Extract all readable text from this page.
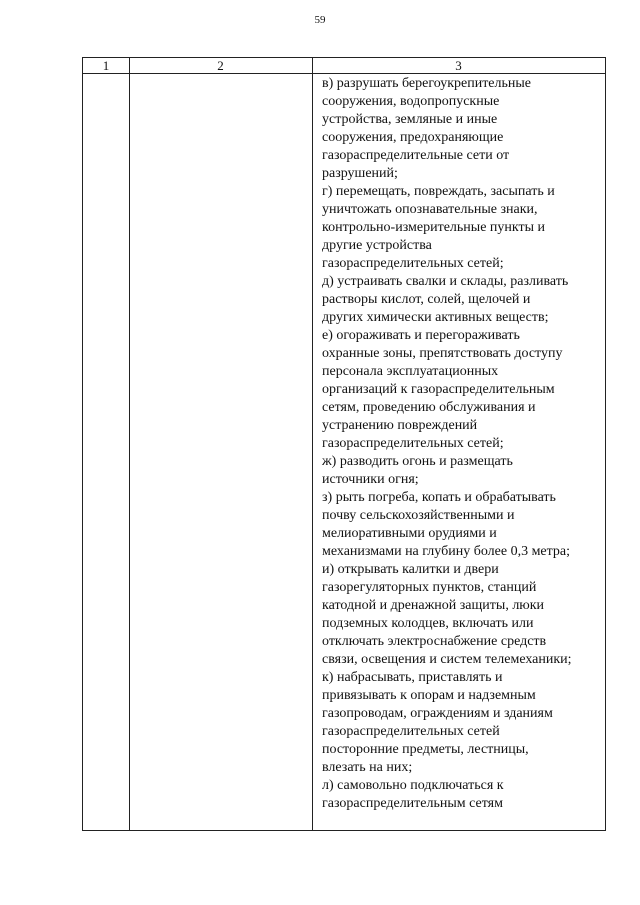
59
1	2	3
в) разрушать берегоукрепительные
сооружения, водопропускные
устройства, земляные и иные
сооружения, предохраняющие
газораспределительные сети от
разрушений;
г) перемещать, повреждать, засыпать и
уничтожать опознавательные знаки,
контрольно-измерительные пункты и
другие устройства
газораспределительных сетей;
д) устраивать свалки и склады, разливать
растворы кислот, солей, щелочей и
других химически активных веществ;
е) огораживать и перегораживать
охранные зоны, препятствовать доступу
персонала эксплуатационных
организаций к газораспределительным
сетям, проведению обслуживания и
устранению повреждений
газораспределительных сетей;
ж) разводить огонь и размещать
источники огня;
з) рыть погреба, копать и обрабатывать
почву сельскохозяйственными и
мелиоративными орудиями и
механизмами на глубину более 0,3 метра;
и) открывать калитки и двери
газорегуляторных пунктов, станций
катодной и дренажной защиты, люки
подземных колодцев, включать или
отключать электроснабжение средств
связи, освещения и систем телемеханики;
к) набрасывать, приставлять и
привязывать к опорам и надземным
газопроводам, ограждениям и зданиям
газораспределительных сетей
посторонние предметы, лестницы,
влезать на них;
л) самовольно подключаться к
газораспределительным сетям
